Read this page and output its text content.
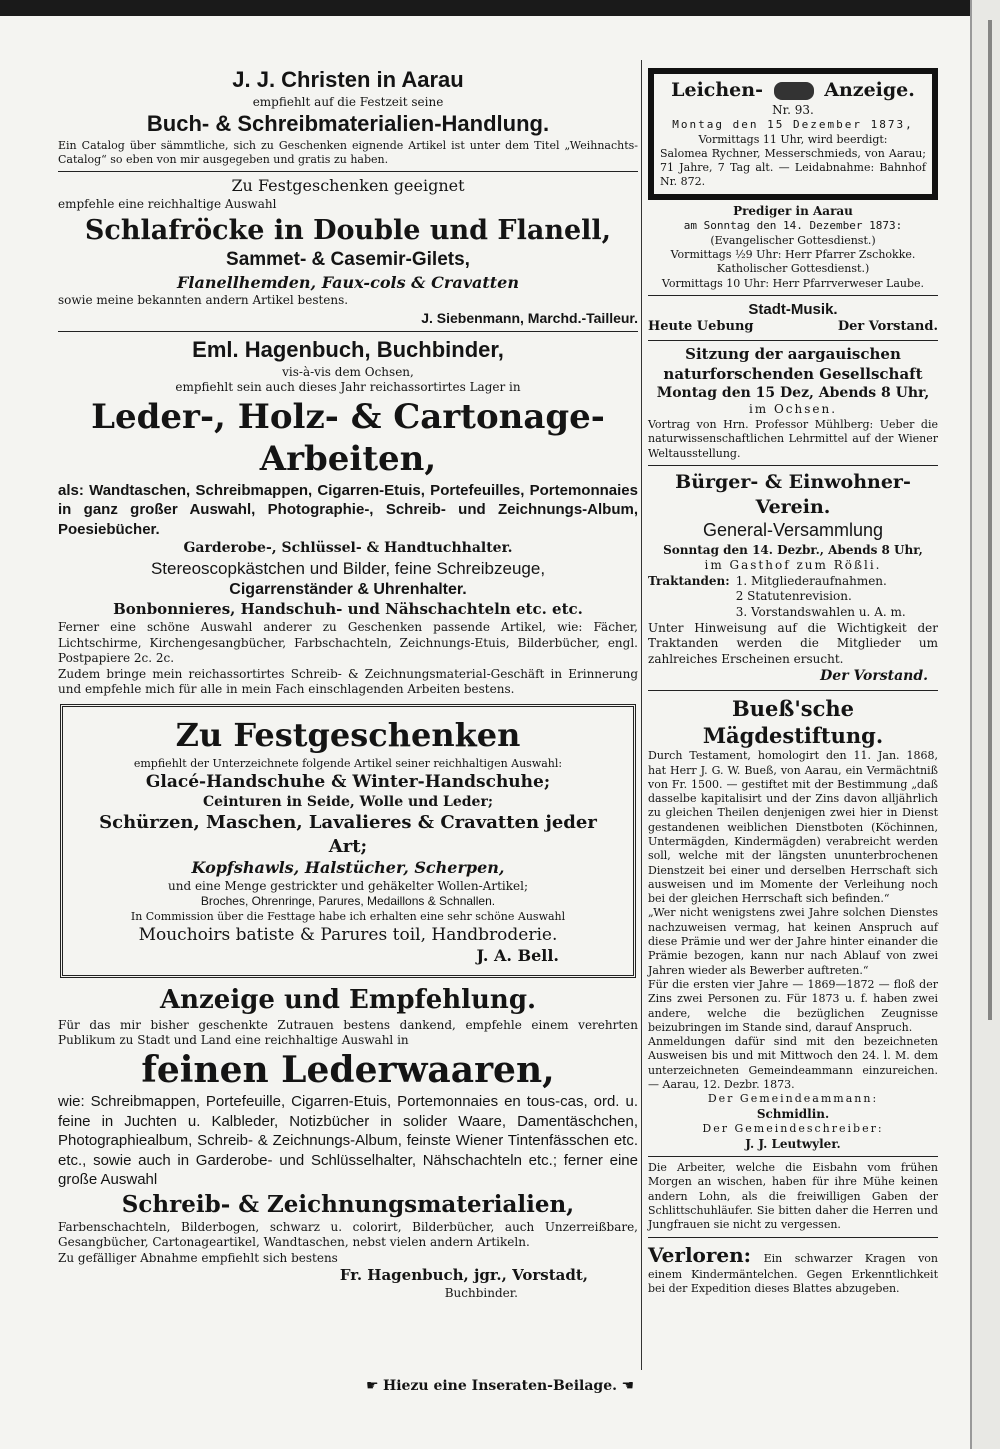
J. J. Christen in Aarau

empfiehlt auf die Festzeit seine

Buch- & Schreibmaterialien-Handlung.

Ein Catalog über sämmtliche, sich zu Geschenken eignende Artikel ist unter dem Titel „Weihnachts-Catalog“ so eben von mir ausgegeben und gratis zu haben.

Zu Festgeschenken geeignet

empfehle eine reichhaltige Auswahl

Schlafröcke in Double und Flanell,

Sammet- & Casemir-Gilets,

Flanellhemden, Faux-cols & Cravatten

sowie meine bekannten andern Artikel bestens.

J. Siebenmann, Marchd.-Tailleur.

Eml. Hagenbuch, Buchbinder,

vis-à-vis dem Ochsen,

empfiehlt sein auch dieses Jahr reichassortirtes Lager in

Leder-, Holz- & Cartonage-Arbeiten,

als: Wandtaschen, Schreibmappen, Cigarren-Etuis, Portefeuilles, Portemonnaies in ganz großer Auswahl, Photographie-, Schreib- und Zeichnungs-Album, Poesiebücher.

Garderobe-, Schlüssel- & Handtuchhalter.

Stereoscopkästchen und Bilder, feine Schreibzeuge,

Cigarrenständer & Uhrenhalter.

Bonbonnieres, Handschuh- und Nähschachteln etc. etc.

Ferner eine schöne Auswahl anderer zu Geschenken passende Artikel, wie: Fächer, Lichtschirme, Kirchengesangbücher, Farbschachteln, Zeichnungs-Etuis, Bilderbücher, engl. Postpapiere 2c. 2c.

Zudem bringe mein reichassortirtes Schreib- & Zeichnungsmaterial-Geschäft in Erinnerung und empfehle mich für alle in mein Fach einschlagenden Arbeiten bestens.

Zu Festgeschenken

empfiehlt der Unterzeichnete folgende Artikel seiner reichhaltigen Auswahl:

Glacé-Handschuhe & Winter-Handschuhe;

Ceinturen in Seide, Wolle und Leder;

Schürzen, Maschen, Lavalieres & Cravatten jeder Art;

Kopfshawls, Halstücher, Scherpen,

und eine Menge gestrickter und gehäkelter Wollen-Artikel;

Broches, Ohrenringe, Parures, Medaillons & Schnallen.

In Commission über die Festtage habe ich erhalten eine sehr schöne Auswahl

Mouchoirs batiste & Parures toil, Handbroderie.

J. A. Bell.

Anzeige und Empfehlung.

Für das mir bisher geschenkte Zutrauen bestens dankend, empfehle einem verehrten Publikum zu Stadt und Land eine reichhaltige Auswahl in

feinen Lederwaaren,

wie: Schreibmappen, Portefeuille, Cigarren-Etuis, Portemonnaies en tous-cas, ord. u. feine in Juchten u. Kalbleder, Notizbücher in solider Waare, Damentäschchen, Photographiealbum, Schreib- & Zeichnungs-Album, feinste Wiener Tintenfässchen etc. etc., sowie auch in Garderobe- und Schlüsselhalter, Nähschachteln etc.; ferner eine große Auswahl

Schreib- & Zeichnungsmaterialien,

Farbenschachteln, Bilderbogen, schwarz u. colorirt, Bilderbücher, auch Unzerreißbare, Gesangbücher, Cartonageartikel, Wandtaschen, nebst vielen andern Artikeln.

Zu gefälliger Abnahme empfiehlt sich bestens

Fr. Hagenbuch, jgr., Vorstadt,

Buchbinder.

Leichen-	Anzeige.

Nr. 93.

Montag den 15 Dezember 1873,

Vormittags 11 Uhr, wird beerdigt:

Salomea Rychner, Messerschmieds, von Aarau; 71 Jahre, 7 Tag alt. — Leidabnahme: Bahnhof Nr. 872.

Prediger in Aarau

am Sonntag den 14. Dezember 1873:

(Evangelischer Gottesdienst.)

Vormittags ½9 Uhr: Herr Pfarrer Zschokke.

Katholischer Gottesdienst.)

Vormittags 10 Uhr: Herr Pfarrverweser Laube.

Stadt-Musik.

Heute Uebung	Der Vorstand.

Sitzung der aargauischen naturforschenden Gesellschaft

Montag den 15 Dez, Abends 8 Uhr,

im Ochsen.

Vortrag von Hrn. Professor Mühlberg: Ueber die naturwissenschaftlichen Lehrmittel auf der Wiener Weltausstellung.

Bürger- & Einwohner-Verein.

General-Versammlung

Sonntag den 14. Dezbr., Abends 8 Uhr,

im Gasthof zum Rößli.

Traktanden: 1. Mitgliederaufnahmen.

2 Statutenrevision.

3. Vorstandswahlen u. A. m.

Unter Hinweisung auf die Wichtigkeit der Traktanden werden die Mitglieder um zahlreiches Erscheinen ersucht.

Der Vorstand.

Bueß'sche Mägdestiftung.

Durch Testament, homologirt den 11. Jan. 1868, hat Herr J. G. W. Bueß, von Aarau, ein Vermächtniß von Fr. 1500. — gestiftet mit der Bestimmung „daß dasselbe kapitalisirt und der Zins davon alljährlich zu gleichen Theilen denjenigen zwei hier in Dienst gestandenen weiblichen Dienstboten (Köchinnen, Untermägden, Kindermägden) verabreicht werden soll, welche mit der längsten ununterbrochenen Dienstzeit bei einer und derselben Herrschaft sich ausweisen und im Momente der Verleihung noch bei der gleichen Herrschaft sich befinden.“

„Wer nicht wenigstens zwei Jahre solchen Dienstes nachzuweisen vermag, hat keinen Anspruch auf diese Prämie und wer der Jahre hinter einander die Prämie bezogen, kann nur nach Ablauf von zwei Jahren wieder als Bewerber auftreten.“

Für die ersten vier Jahre — 1869—1872 — floß der Zins zwei Personen zu. Für 1873 u. f. haben zwei andere, welche die bezüglichen Zeugnisse beizubringen im Stande sind, darauf Anspruch.

Anmeldungen dafür sind mit den bezeichneten Ausweisen bis und mit Mittwoch den 24. l. M. dem unterzeichneten Gemeindeammann einzureichen. — Aarau, 12. Dezbr. 1873.

Der Gemeindeammann:

Schmidlin.

Der Gemeindeschreiber:

J. J. Leutwyler.

Die Arbeiter, welche die Eisbahn vom frühen Morgen an wischen, haben für ihre Mühe keinen andern Lohn, als die freiwilligen Gaben der Schlittschuhläufer. Sie bitten daher die Herren und Jungfrauen sie nicht zu vergessen.

Verloren: Ein schwarzer Kragen von einem Kindermäntelchen. Gegen Erkenntlichkeit bei der Expedition dieses Blattes abzugeben.

☛ Hiezu eine Inseraten-Beilage. ☚
